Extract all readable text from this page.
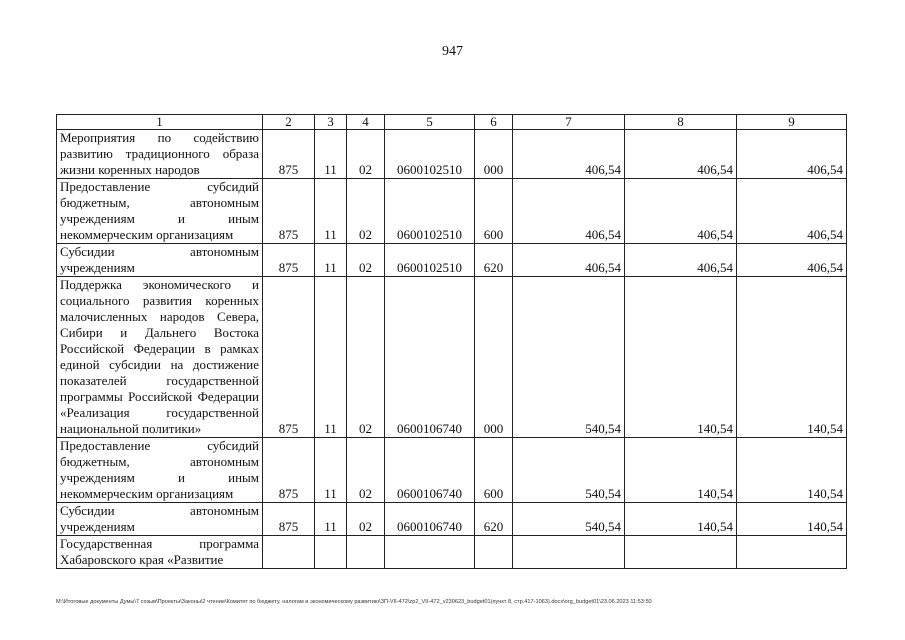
947
1	2	3	4	5	6	7	8	9

Мероприятия по содействию развитию традиционного образа жизни коренных народов	875	11	02	0600102510	000	406,54	406,54	406,54

Предоставление субсидий бюджетным, автономным учреждениям и иным некоммерческим организациям	875	11	02	0600102510	600	406,54	406,54	406,54

Субсидии автономным учреждениям	875	11	02	0600102510	620	406,54	406,54	406,54

Поддержка экономического и социального развития коренных малочисленных народов Севера, Сибири и Дальнего Востока Российской Федерации в рамках единой субсидии на достижение показателей государственной программы Российской Федерации «Реализация государственной национальной политики»	875	11	02	0600106740	000	540,54	140,54	140,54

Предоставление субсидий бюджетным, автономным учреждениям и иным некоммерческим организациям	875	11	02	0600106740	600	540,54	140,54	140,54

Субсидии автономным учреждениям	875	11	02	0600106740	620	540,54	140,54	140,54

Государственная программа Хабаровского края «Развитие								

M:\Итоговые документы Думы\7 созыв\Проекты\Законы\2 чтение\Комитет по бюджету, налогам и экономическому развитию\ЗП-VII-472\zp2_VII-472_v230623_budget01(пункт 8, стр.417-1063).docx\org_budget01\23.06.2023 11:53:50
